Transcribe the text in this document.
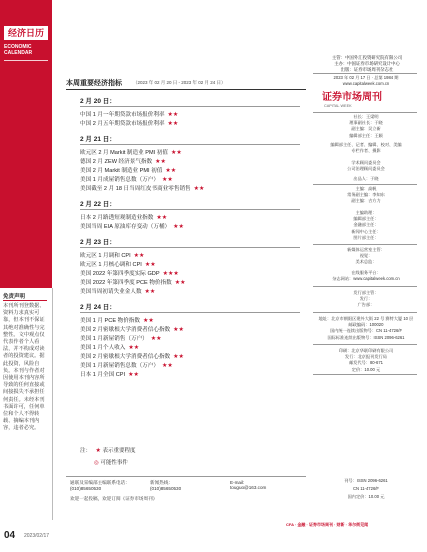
经济日历
ECONOMIC CALENDAR
免责声明
本刊所刊登数据、资料力求真实可靠，但本刊不保证其绝对准确性与完整性。文中观点仅代表作者个人看法，并不构成对读者的投资建议。据此投资，风险自负。本刊与作者对因使用本刊内容所导致的任何直接或间接损失不承担任何责任。未经本刊书面许可，任何单位和个人不得转载、摘编本刊内容，违者必究。
本周重要经济指标 （2023 年 02 月 20 日 - 2023 年 02 月 24 日）
2 月 20 日：
中国 1 月一年期贷款市场报价利率 ★★
中国 2 月五年期贷款市场报价利率 ★★
2 月 21 日：
欧元区 2 月 Markit 制造业 PMI 初值 ★★
德国 2 月 ZEW 经济景气指数 ★★
美国 2 月 Markit 制造业 PMI 初值 ★★
美国 1 月成屋销售总数（万户） ★★
美国截至 2 月 18 日当周红皮书商业零售销售 ★★
2 月 22 日：
日本 2 月路透短观制造业指数 ★★
美国当周 EIA 原油库存变动（万桶） ★★
2 月 23 日：
欧元区 1 月调和 CPI ★★
欧元区 1 月核心调和 CPI ★★
美国 2022 年第四季度实际 GDP ★★★
美国 2022 年第四季度 PCE 物价指数 ★★
美国当周初请失业金人数 ★★
2 月 24 日：
美国 1 月 PCE 物价指数 ★★
美国 2 月密歇根大学消费者信心指数 ★★
美国 1 月新屋销售（万户） ★★
美国 1 月个人收入 ★★
美国 2 月密歇根大学消费者信心指数 ★★
美国 1 月新屋销售总数（万户） ★★
日本 1 月全国 CPI ★★
注： ★ 表示重要程度
◎ 可能性事件
通联及采编部主编联系电话：
(010)85650530
新闻热线：
(010)85650530
E-mail:
touguo@163.com
欢迎一起投稿，欢迎订阅《证券市场周刊》
主管：中国外汇投资研究院有限公司
主办：中国证券市场研究设计中心
出版：证券市场周刊杂志社
2023 年 02 月 17 日 · 总第 1984 期
www.capitalweek.com.cn
证券市场周刊
CAPITAL WEEK
社长：王梁明
理事副社长：于晓
副主编：吴立新
编辑部主任：王颖
编辑部主任、记者、编辑、校对、美编
专栏作者、摄影
学术顾问委员会
公司治理顾问委员会
出品人：于晓
主编：高帆
常务副主编：李知东
副主编：吉方力
主编助理：
编辑部主任：
金融部主任：
新闻中心主任：
图片部主任：
新媒体运营室主管：
视觉：
美术总监：
在线服务平台：
杂志网站：www.capitalweek.com.cn
发行部主管：
发行：
广告部：
地址：北京市朝阳区建外大街 22 号 赛特大厦 10 层
邮政编码：100020
国内统一连续出版物号：CN 11-4726/F
国际标准连续出版物号：ISSN 2096-6261
印刷：北京华联印刷有限公司
发行：北京报刊发行局
邮发代号：80-671
定价：10.00 元
刊号：ISSN 2096-6261
CN 11-4726/F
国内定价：10.00 元
04 2023/02/17
CFA · 金融 · 证券市场周刊 · 财新 · 华尔街见闻
